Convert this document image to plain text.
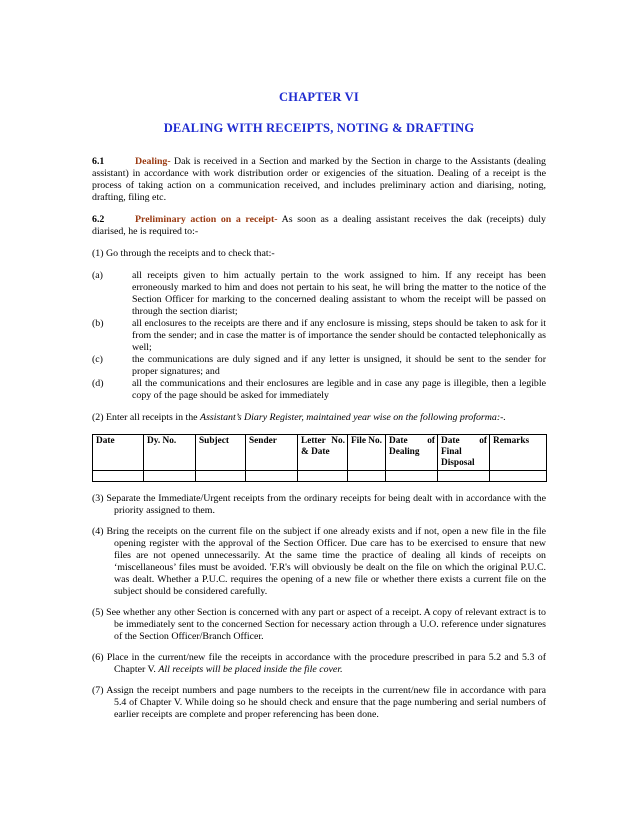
CHAPTER VI
DEALING WITH RECEIPTS, NOTING & DRAFTING

6.1	Dealing- Dak is received in a Section and marked by the Section in charge to the Assistants (dealing assistant) in accordance with work distribution order or exigencies of the situation. Dealing of a receipt is the process of taking action on a communication received, and includes preliminary action and diarising, noting, drafting, filing etc.

6.2	Preliminary action on a receipt- As soon as a dealing assistant receives the dak (receipts) duly diarised, he is required to:-

(1) Go through the receipts and to check that:-

(a)	all receipts given to him actually pertain to the work assigned to him. If any receipt has been erroneously marked to him and does not pertain to his seat, he will bring the matter to the notice of the Section Officer for marking to the concerned dealing assistant to whom the receipt will be passed on through the section diarist;
(b)	all enclosures to the receipts are there and if any enclosure is missing, steps should be taken to ask for it from the sender; and in case the matter is of importance the sender should be contacted telephonically as well;
(c)	the communications are duly signed and if any letter is unsigned, it should be sent to the sender for proper signatures; and
(d)	all the communications and their enclosures are legible and in case any page is illegible, then a legible copy of the page should be asked for immediately

(2) Enter all receipts in the Assistant’s Diary Register, maintained year wise on the following proforma:-.

Date	Dy. No.	Subject	Sender	Letter No. & Date	File No.	Date of Dealing	Date of Final Disposal	Remarks

(3) Separate the Immediate/Urgent receipts from the ordinary receipts for being dealt with in accordance with the priority assigned to them.

(4) Bring the receipts on the current file on the subject if one already exists and if not, open a new file in the file opening register with the approval of the Section Officer. Due care has to be exercised to ensure that new files are not opened unnecessarily. At the same time the practice of dealing all kinds of receipts on ‘miscellaneous’ files must be avoided. 'F.R's will obviously be dealt on the file on which the original P.U.C. was dealt. Whether a P.U.C. requires the opening of a new file or whether there exists a current file on the subject should be considered carefully.

(5) See whether any other Section is concerned with any part or aspect of a receipt. A copy of relevant extract is to be immediately sent to the concerned Section for necessary action through a U.O. reference under signatures of the Section Officer/Branch Officer.

(6) Place in the current/new file the receipts in accordance with the procedure prescribed in para 5.2 and 5.3 of Chapter V. All receipts will be placed inside the file cover.

(7) Assign the receipt numbers and page numbers to the receipts in the current/new file in accordance with para 5.4 of Chapter V. While doing so he should check and ensure that the page numbering and serial numbers of earlier receipts are complete and proper referencing has been done.
